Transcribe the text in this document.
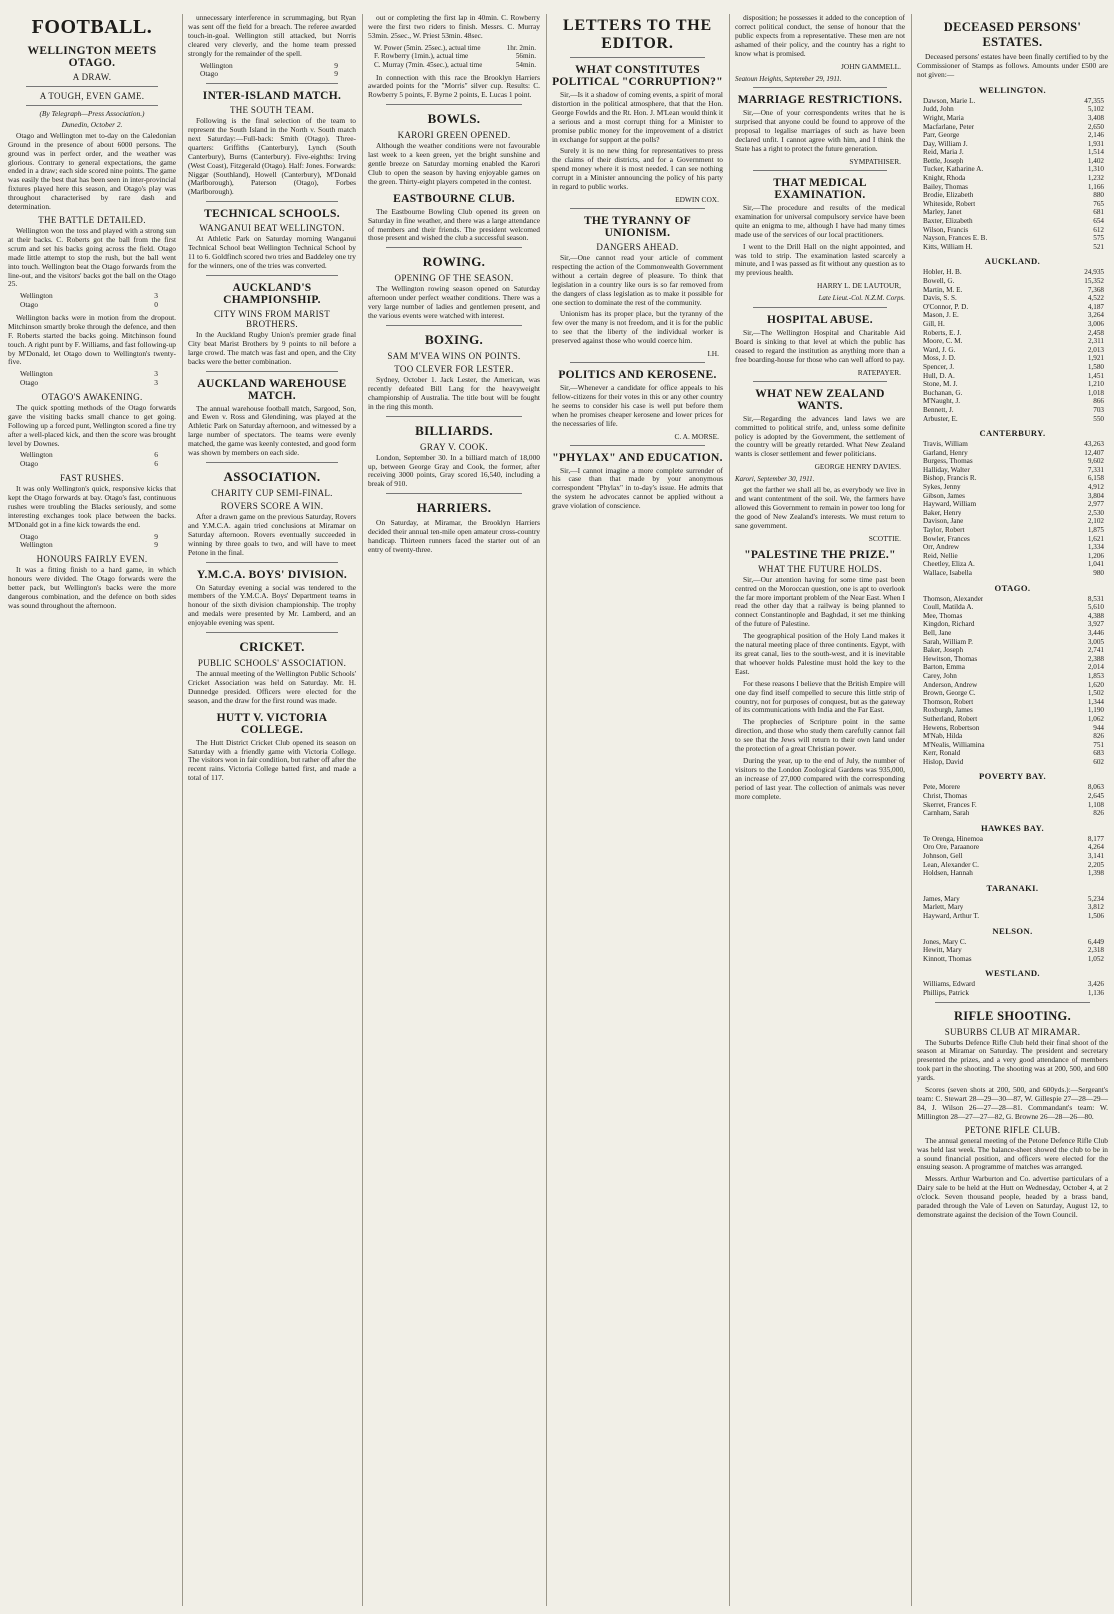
FOOTBALL.
WELLINGTON MEETS OTAGO.
A DRAW.
A TOUGH, EVEN GAME.

(By Telegraph—Press Association.)

Dunedin, October 2.

Otago and Wellington met to-day on the Caledonian Ground in the presence of about 6000 persons. The ground was in perfect order, and the weather was glorious. Contrary to general expectations, the game ended in a draw; each side scored nine points. The game was easily the best that has been seen in inter-provincial fixtures played here this season, and Otago's play was throughout characterised by rare dash and determination.

THE BATTLE DETAILED.

Wellington won the toss and played with a strong sun at their backs. C. Roberts got the ball from the first scrum and set his backs going across the field. Otago made little attempt to stop the rush, but the ball went into touch. Wellington beat the Otago forwards from the line-out, and the visitors' backs got the ball on the Otago 25.

Wellington	3
Otago	0

Wellington backs were in motion from the dropout. Mitchinson smartly broke through the defence, and then F. Roberts started the backs going. Mitchinson found touch. A right punt by F. Williams, and fast following-up by M'Donald, let Otago down to Wellington's twenty-five.

Wellington	3
Otago	3
OTAGO'S AWAKENING.

The quick spotting methods of the Otago forwards gave the visiting backs small chance to get going. Following up a forced punt, Wellington scored a fine try after a well-placed kick, and then the score was brought level by Downes.

Wellington	6
Otago	6
FAST RUSHES.

It was only Wellington's quick, responsive kicks that kept the Otago forwards at bay. Otago's fast, continuous rushes were troubling the Blacks seriously, and some interesting exchanges took place between the backs. M'Donald got in a fine kick towards the end.

Otago	9
Wellington	9
HONOURS FAIRLY EVEN.

It was a fitting finish to a hard game, in which honours were divided. The Otago forwards were the better pack, but Wellington's backs were the more dangerous combination, and the defence on both sides was sound throughout the afternoon.

unnecessary interference in scrummaging, but Ryan was sent off the field for a breach. The referee awarded touch-in-goal. Wellington still attacked, but Norris cleared very cleverly, and the home team pressed strongly for the remainder of the spell.

Wellington	9
Otago	9
INTER-ISLAND MATCH.
THE SOUTH TEAM.

Following is the final selection of the team to represent the South Island in the North v. South match next Saturday:—Full-back: Smith (Otago). Three-quarters: Griffiths (Canterbury), Lynch (South Canterbury), Burns (Canterbury). Five-eighths: Irving (West Coast), Fitzgerald (Otago). Half: Jones. Forwards: Niggar (Southland), Howell (Canterbury), M'Donald (Marlborough), Paterson (Otago), Forbes (Marlborough).

TECHNICAL SCHOOLS.
WANGANUI BEAT WELLINGTON.

At Athletic Park on Saturday morning Wanganui Technical School beat Wellington Technical School by 11 to 6. Goldfinch scored two tries and Baddeley one try for the winners, one of the tries was converted.

AUCKLAND'S CHAMPIONSHIP.
CITY WINS FROM MARIST BROTHERS.

In the Auckland Rugby Union's premier grade final City beat Marist Brothers by 9 points to nil before a large crowd. The match was fast and open, and the City backs were the better combination.

AUCKLAND WAREHOUSE MATCH.

The annual warehouse football match, Sargood, Son, and Ewen v. Ross and Glendining, was played at the Athletic Park on Saturday afternoon, and witnessed by a large number of spectators. The teams were evenly matched, the game was keenly contested, and good form was shown by members on each side.

ASSOCIATION.
CHARITY CUP SEMI-FINAL.
ROVERS SCORE A WIN.

After a drawn game on the previous Saturday, Rovers and Y.M.C.A. again tried conclusions at Miramar on Saturday afternoon. Rovers eventually succeeded in winning by three goals to two, and will have to meet Petone in the final.

Y.M.C.A. BOYS' DIVISION.

On Saturday evening a social was tendered to the members of the Y.M.C.A. Boys' Department teams in honour of the sixth division championship. The trophy and medals were presented by Mr. Lamberd, and an enjoyable evening was spent.

CRICKET.
PUBLIC SCHOOLS' ASSOCIATION.

The annual meeting of the Wellington Public Schools' Cricket Association was held on Saturday. Mr. H. Dunnedge presided. Officers were elected for the season, and the draw for the first round was made.

HUTT V. VICTORIA COLLEGE.

The Hutt District Cricket Club opened its season on Saturday with a friendly game with Victoria College. The visitors won in fair condition, but rather off after the recent rains. Victoria College batted first, and made a total of 117.

out or completing the first lap in 40min. C. Rowberry were the first two riders to finish. Messrs. C. Murray 53min. 25sec., W. Priest 53min. 48sec.

W. Power (5min. 25sec.), actual time	1hr. 2min.
F. Rowberry (1min.), actual time	56min.
C. Murray (7min. 45sec.), actual time	54min.

In connection with this race the Brooklyn Harriers awarded points for the "Morris" silver cup. Results: C. Rowberry 5 points, F. Byrne 2 points, E. Lucas 1 point.

BOWLS.
KARORI GREEN OPENED.

Although the weather conditions were not favourable last week to a keen green, yet the bright sunshine and gentle breeze on Saturday morning enabled the Karori Club to open the season by having enjoyable games on the green. Thirty-eight players competed in the contest.

EASTBOURNE CLUB.

The Eastbourne Bowling Club opened its green on Saturday in fine weather, and there was a large attendance of members and their friends. The president welcomed those present and wished the club a successful season.

ROWING.
OPENING OF THE SEASON.

The Wellington rowing season opened on Saturday afternoon under perfect weather conditions. There was a very large number of ladies and gentlemen present, and the various events were watched with interest.

BOXING.
SAM M'VEA WINS ON POINTS.
TOO CLEVER FOR LESTER.

Sydney, October 1. Jack Lester, the American, was recently defeated Bill Lang for the heavyweight championship of Australia. The title bout will be fought in the ring this month.

BILLIARDS.
GRAY V. COOK.

London, September 30. In a billiard match of 18,000 up, between George Gray and Cook, the former, after receiving 3000 points, Gray scored 16,540, including a break of 910.

HARRIERS.

On Saturday, at Miramar, the Brooklyn Harriers decided their annual ten-mile open amateur cross-country handicap. Thirteen runners faced the starter out of an entry of twenty-three.

LETTERS TO THE EDITOR.
WHAT CONSTITUTES POLITICAL "CORRUPTION?"

Sir,—Is it a shadow of coming events, a spirit of moral distortion in the political atmosphere, that that the Hon. George Fowlds and the Rt. Hon. J. M'Lean would think it a serious and a most corrupt thing for a Minister to promise public money for the improvement of a district in exchange for support at the polls?

Surely it is no new thing for representatives to press the claims of their districts, and for a Government to spend money where it is most needed. I can see nothing corrupt in a Minister announcing the policy of his party in regard to public works.

EDWIN COX.
THE TYRANNY OF UNIONISM.
DANGERS AHEAD.

Sir,—One cannot read your article of comment respecting the action of the Commonwealth Government without a certain degree of pleasure. To think that legislation in a country like ours is so far removed from the dangers of class legislation as to make it possible for one section to dominate the rest of the community.

Unionism has its proper place, but the tyranny of the few over the many is not freedom, and it is for the public to see that the liberty of the individual worker is preserved against those who would coerce him.

I.H.
POLITICS AND KEROSENE.

Sir,—Whenever a candidate for office appeals to his fellow-citizens for their votes in this or any other country he seems to consider his case is well put before them when he promises cheaper kerosene and lower prices for the necessaries of life.

C. A. MORSE.
"PHYLAX" AND EDUCATION.

Sir,—I cannot imagine a more complete surrender of his case than that made by your anonymous correspondent "Phylax" in to-day's issue. He admits that the system he advocates cannot be applied without a grave violation of conscience.

disposition; he possesses it added to the conception of correct political conduct, the sense of honour that the public expects from a representative. These men are not ashamed of their policy, and the country has a right to know what is promised.

JOHN GAMMELL.

Seatoun Heights, September 29, 1911.

MARRIAGE RESTRICTIONS.

Sir,—One of your correspondents writes that he is surprised that anyone could be found to approve of the proposal to legalise marriages of such as have been declared unfit. I cannot agree with him, and I think the State has a right to protect the future generation.

SYMPATHISER.
THAT MEDICAL EXAMINATION.

Sir,—The procedure and results of the medical examination for universal compulsory service have been quite an enigma to me, although I have had many times made use of the services of our local practitioners.

I went to the Drill Hall on the night appointed, and was told to strip. The examination lasted scarcely a minute, and I was passed as fit without any question as to my previous health.

HARRY L. DE LAUTOUR,

Late Lieut.-Col. N.Z.M. Corps.

HOSPITAL ABUSE.

Sir,—The Wellington Hospital and Charitable Aid Board is sinking to that level at which the public has ceased to regard the institution as anything more than a free boarding-house for those who can well afford to pay.

RATEPAYER.
WHAT NEW ZEALAND WANTS.

Sir,—Regarding the advances land laws we are committed to political strife, and, unless some definite policy is adopted by the Government, the settlement of the country will be greatly retarded. What New Zealand wants is closer settlement and fewer politicians.

GEORGE HENRY DAVIES.

Karori, September 30, 1911.

get the farther we shall all be, as everybody we live in and want contentment of the soil. We, the farmers have allowed this Government to remain in power too long for the good of New Zealand's interests. We must return to sane government.

SCOTTIE.
"PALESTINE THE PRIZE."
WHAT THE FUTURE HOLDS.

Sir,—Our attention having for some time past been centred on the Moroccan question, one is apt to overlook the far more important problem of the Near East. When I read the other day that a railway is being planned to connect Constantinople and Baghdad, it set me thinking of the future of Palestine.

The geographical position of the Holy Land makes it the natural meeting place of three continents. Egypt, with its great canal, lies to the south-west, and it is inevitable that whoever holds Palestine must hold the key to the East.

For these reasons I believe that the British Empire will one day find itself compelled to secure this little strip of country, not for purposes of conquest, but as the gateway of its communications with India and the Far East.

The prophecies of Scripture point in the same direction, and those who study them carefully cannot fail to see that the Jews will return to their own land under the protection of a great Christian power.

During the year, up to the end of July, the number of visitors to the London Zoological Gardens was 935,000, an increase of 27,000 compared with the corresponding period of last year. The collection of animals was never more complete.

DECEASED PERSONS' ESTATES.

Deceased persons' estates have been finally certified to by the Commissioner of Stamps as follows. Amounts under £500 are not given:—

WELLINGTON.
Dawson, Marie L.	47,355
Judd, John	5,102
Wright, Maria	3,408
Macfarlane, Peter	2,650
Parr, George	2,146
Day, William J.	1,931
Reid, Maria J.	1,514
Bettle, Joseph	1,402
Tucker, Katharine A.	1,310
Knight, Rhoda	1,232
Bailey, Thomas	1,166
Brodie, Elizabeth	880
Whiteside, Robert	765
Marley, Janet	681
Baxter, Elizabeth	654
Wilson, Francis	612
Nayson, Frances E. B.	575
Kitts, William H.	521
AUCKLAND.
Hobler, H. B.	24,935
Bowell, G.	15,352
Martin, M. E.	7,368
Davis, S. S.	4,522
O'Connor, P. D.	4,187
Mason, J. E.	3,264
Gill, H.	3,006
Roberts, E. J.	2,458
Moore, C. M.	2,311
Ward, J. G.	2,013
Moss, J. D.	1,921
Spencer, J.	1,580
Hull, D. A.	1,451
Stone, M. J.	1,210
Buchanan, G.	1,018
M'Naught, J.	866
Bennett, J.	703
Arbuster, E.	550
CANTERBURY.
Travis, William	43,263
Garland, Henry	12,407
Burgess, Thomas	9,602
Halliday, Walter	7,331
Bishop, Francis R.	6,158
Sykes, Jenny	4,912
Gibson, James	3,804
Hayward, William	2,977
Baker, Henry	2,530
Davison, Jane	2,102
Taylor, Robert	1,875
Bowler, Frances	1,621
Orr, Andrew	1,334
Reid, Nellie	1,206
Cheetley, Eliza A.	1,041
Wallace, Isabella	980
OTAGO.
Thomson, Alexander	8,531
Coull, Matilda A.	5,610
Mee, Thomas	4,388
Kingdon, Richard	3,927
Bell, Jane	3,446
Sarah, William P.	3,005
Baker, Joseph	2,741
Hewitson, Thomas	2,388
Barton, Emma	2,014
Carey, John	1,853
Anderson, Andrew	1,620
Brown, George C.	1,502
Thomson, Robert	1,344
Roxburgh, James	1,190
Sutherland, Robert	1,062
Hewens, Robertson	944
M'Nab, Hilda	826
M'Nealis, Williamina	751
Kerr, Ronald	683
Hislop, David	602
POVERTY BAY.
Pete, Morere	8,063
Christ, Thomas	2,645
Skerret, Frances F.	1,108
Carnham, Sarah	826
HAWKES BAY.
Te Orenga, Hinemoa	8,177
Oro Ore, Paraanore	4,264
Johnson, Gell	3,141
Lean, Alexander C.	2,205
Holdsen, Hannah	1,398
TARANAKI.
James, Mary	5,234
Marlett, Mary	3,812
Hayward, Arthur T.	1,506
NELSON.
Jones, Mary C.	6,449
Hewitt, Mary	2,318
Kinnott, Thomas	1,052
WESTLAND.
Williams, Edward	3,426
Phillips, Patrick	1,136
RIFLE SHOOTING.
SUBURBS CLUB AT MIRAMAR.

The Suburbs Defence Rifle Club held their final shoot of the season at Miramar on Saturday. The president and secretary presented the prizes, and a very good attendance of members took part in the shooting. The shooting was at 200, 500, and 600 yards.

Scores (seven shots at 200, 500, and 600yds.):—Sergeant's team: C. Stewart 28—29—30—87, W. Gillespie 27—28—29—84, J. Wilson 26—27—28—81. Commandant's team: W. Millington 28—27—27—82, G. Browne 26—28—26—80.

PETONE RIFLE CLUB.

The annual general meeting of the Petone Defence Rifle Club was held last week. The balance-sheet showed the club to be in a sound financial position, and officers were elected for the ensuing season. A programme of matches was arranged.

Messrs. Arthur Warburton and Co. advertise particulars of a Dairy sale to be held at the Hutt on Wednesday, October 4, at 2 o'clock. Seven thousand people, headed by a brass band, paraded through the Vale of Leven on Saturday, August 12, to demonstrate against the decision of the Town Council.
